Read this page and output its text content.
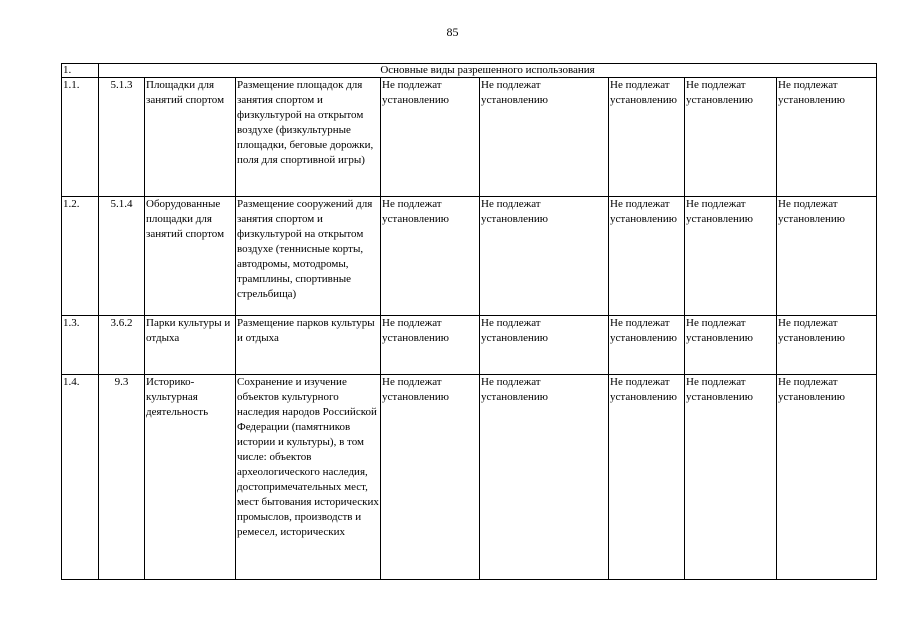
85
1.	Основные виды разрешенного использования							
1.1.	5.1.3	Площадки для занятий спортом	Размещение площадок для занятия спортом и физкультурой на открытом воздухе (физкультурные площадки, беговые дорожки, поля для спортивной игры)	Не подлежат установлению	Не подлежат установлению	Не подлежат установлению	Не подлежат установлению	Не подлежат установлению
1.2.	5.1.4	Оборудованные площадки для занятий спортом	Размещение сооружений для занятия спортом и физкультурой на открытом воздухе (теннисные корты, автодромы, мотодромы, трамплины, спортивные стрельбища)	Не подлежат установлению	Не подлежат установлению	Не подлежат установлению	Не подлежат установлению	Не подлежат установлению
1.3.	3.6.2	Парки культуры и отдыха	Размещение парков культуры и отдыха	Не подлежат установлению	Не подлежат установлению	Не подлежат установлению	Не подлежат установлению	Не подлежат установлению
1.4.	9.3	Историко-культурная деятельность	Сохранение и изучение объектов культурного наследия народов Российской Федерации (памятников истории и культуры), в том числе: объектов археологического наследия, достопримечательных мест, мест бытования исторических промыслов, производств и ремесел, исторических	Не подлежат установлению	Не подлежат установлению	Не подлежат установлению	Не подлежат установлению	Не подлежат установлению
